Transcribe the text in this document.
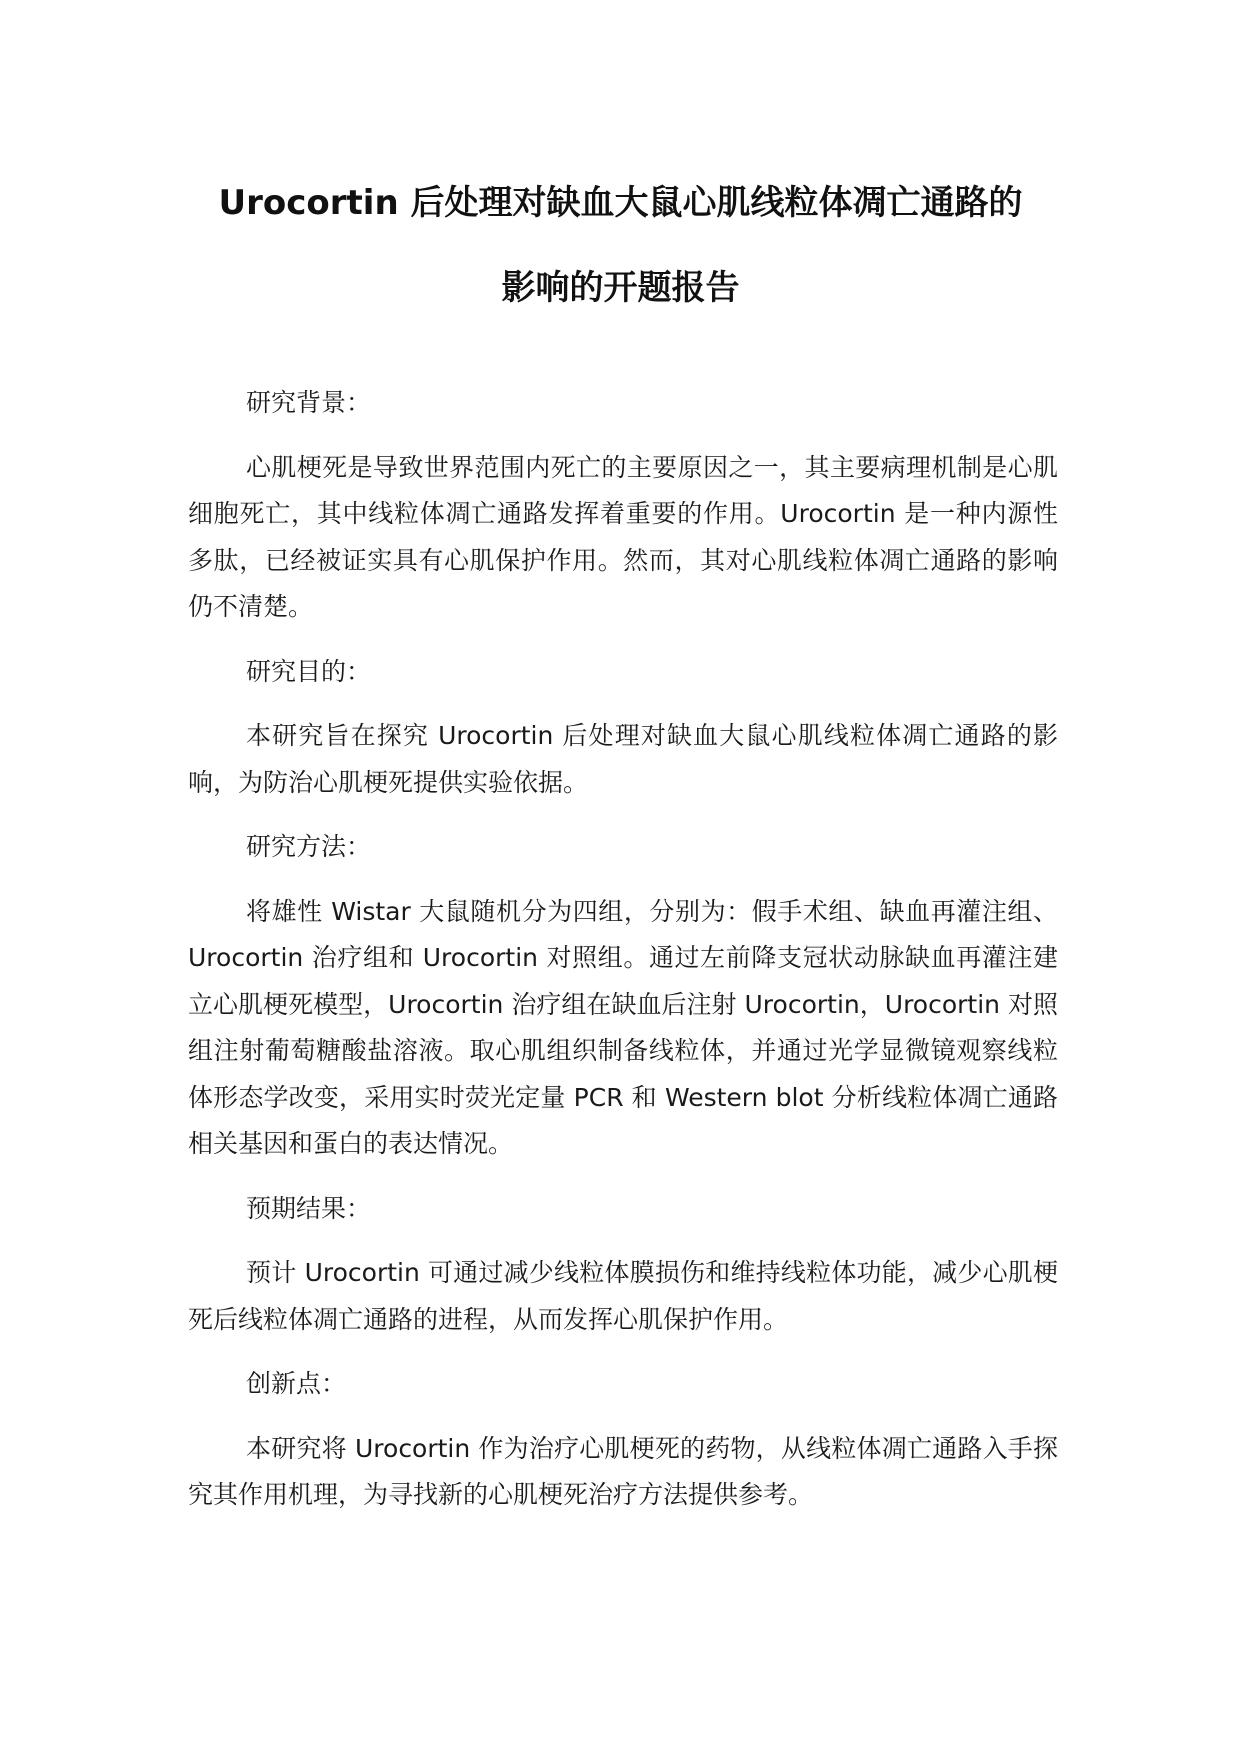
Urocortin 后处理对缺血大鼠心肌线粒体凋亡通路的
影响的开题报告

研究背景：

心肌梗死是导致世界范围内死亡的主要原因之一，其主要病理机制是心肌细胞死亡，其中线粒体凋亡通路发挥着重要的作用。Urocortin 是一种内源性多肽，已经被证实具有心肌保护作用。然而，其对心肌线粒体凋亡通路的影响仍不清楚。

研究目的：

本研究旨在探究 Urocortin 后处理对缺血大鼠心肌线粒体凋亡通路的影响，为防治心肌梗死提供实验依据。

研究方法：

将雄性 Wistar 大鼠随机分为四组，分别为：假手术组、缺血再灌注组、Urocortin 治疗组和 Urocortin 对照组。通过左前降支冠状动脉缺血再灌注建立心肌梗死模型，Urocortin 治疗组在缺血后注射 Urocortin，Urocortin 对照组注射葡萄糖酸盐溶液。取心肌组织制备线粒体，并通过光学显微镜观察线粒体形态学改变，采用实时荧光定量 PCR 和 Western blot 分析线粒体凋亡通路相关基因和蛋白的表达情况。

预期结果：

预计 Urocortin 可通过减少线粒体膜损伤和维持线粒体功能，减少心肌梗死后线粒体凋亡通路的进程，从而发挥心肌保护作用。

创新点：

本研究将 Urocortin 作为治疗心肌梗死的药物，从线粒体凋亡通路入手探究其作用机理，为寻找新的心肌梗死治疗方法提供参考。
